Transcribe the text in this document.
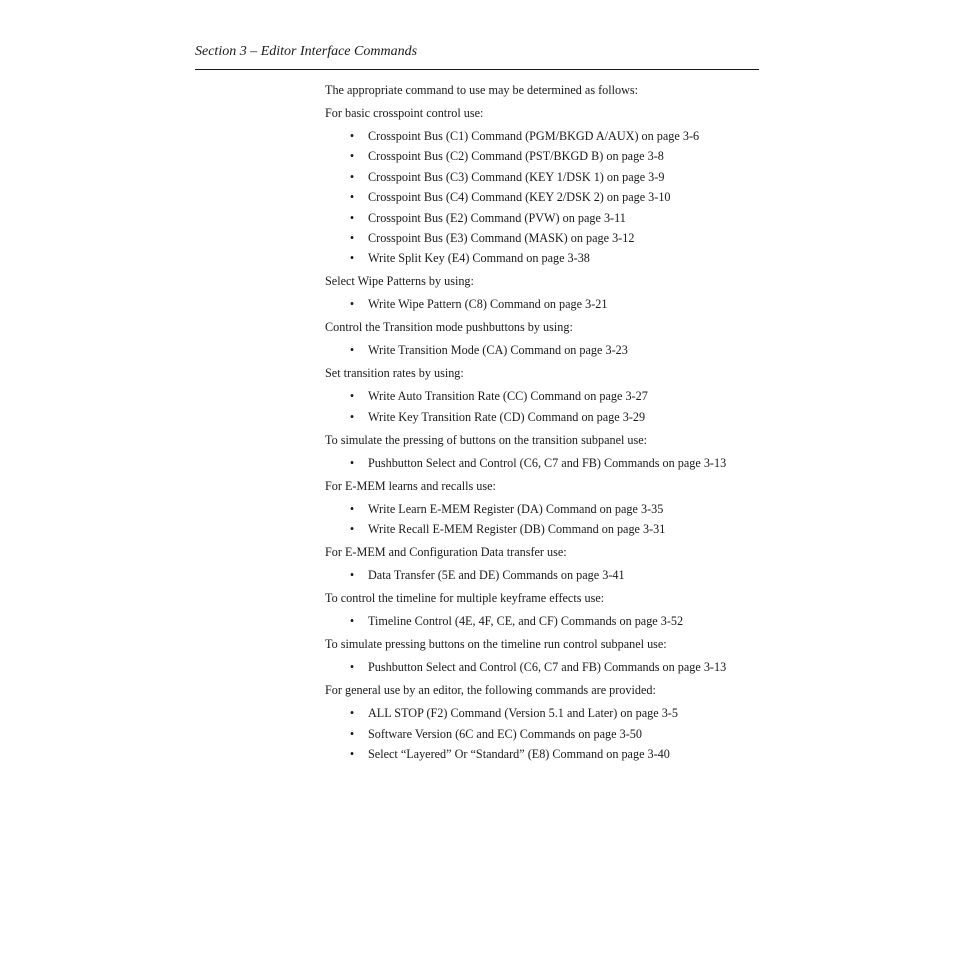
Section 3 – Editor Interface Commands

The appropriate command to use may be determined as follows:

For basic crosspoint control use:

• Crosspoint Bus (C1) Command (PGM/BKGD A/AUX) on page 3-6
• Crosspoint Bus (C2) Command (PST/BKGD B) on page 3-8
• Crosspoint Bus (C3) Command (KEY 1/DSK 1) on page 3-9
• Crosspoint Bus (C4) Command (KEY 2/DSK 2) on page 3-10
• Crosspoint Bus (E2) Command (PVW) on page 3-11
• Crosspoint Bus (E3) Command (MASK) on page 3-12
• Write Split Key (E4) Command on page 3-38

Select Wipe Patterns by using:

• Write Wipe Pattern (C8) Command on page 3-21

Control the Transition mode pushbuttons by using:

• Write Transition Mode (CA) Command on page 3-23

Set transition rates by using:

• Write Auto Transition Rate (CC) Command on page 3-27
• Write Key Transition Rate (CD) Command on page 3-29

To simulate the pressing of buttons on the transition subpanel use:

• Pushbutton Select and Control (C6, C7 and FB) Commands on page 3-13

For E-MEM learns and recalls use:

• Write Learn E-MEM Register (DA) Command on page 3-35
• Write Recall E-MEM Register (DB) Command on page 3-31

For E-MEM and Configuration Data transfer use:

• Data Transfer (5E and DE) Commands on page 3-41

To control the timeline for multiple keyframe effects use:

• Timeline Control (4E, 4F, CE, and CF) Commands on page 3-52

To simulate pressing buttons on the timeline run control subpanel use:

• Pushbutton Select and Control (C6, C7 and FB) Commands on page 3-13

For general use by an editor, the following commands are provided:

• ALL STOP (F2) Command (Version 5.1 and Later) on page 3-5
• Software Version (6C and EC) Commands on page 3-50
• Select “Layered” Or “Standard” (E8) Command on page 3-40
